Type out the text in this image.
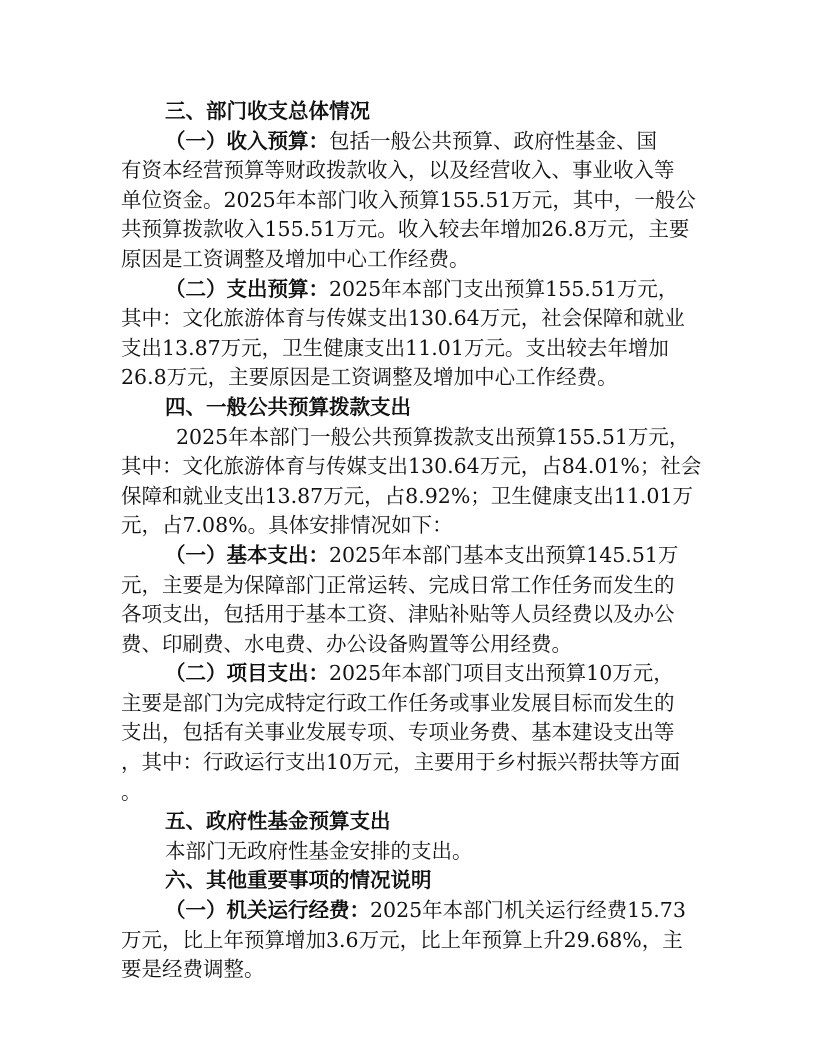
三、部门收支总体情况
（一）收入预算：包括一般公共预算、政府性基金、国
有资本经营预算等财政拨款收入，以及经营收入、事业收入等
单位资金。2025年本部门收入预算155.51万元，其中，一般公
共预算拨款收入155.51万元。收入较去年增加26.8万元，主要
原因是工资调整及增加中心工作经费。
（二）支出预算：2025年本部门支出预算155.51万元，
其中：文化旅游体育与传媒支出130.64万元，社会保障和就业
支出13.87万元，卫生健康支出11.01万元。支出较去年增加
26.8万元，主要原因是工资调整及增加中心工作经费。
四、一般公共预算拨款支出
2025年本部门一般公共预算拨款支出预算155.51万元，
其中：文化旅游体育与传媒支出130.64万元，占84.01%；社会
保障和就业支出13.87万元，占8.92%；卫生健康支出11.01万
元，占7.08%。具体安排情况如下：
（一）基本支出：2025年本部门基本支出预算145.51万
元，主要是为保障部门正常运转、完成日常工作任务而发生的
各项支出，包括用于基本工资、津贴补贴等人员经费以及办公
费、印刷费、水电费、办公设备购置等公用经费。
（二）项目支出：2025年本部门项目支出预算10万元，
主要是部门为完成特定行政工作任务或事业发展目标而发生的
支出，包括有关事业发展专项、专项业务费、基本建设支出等
，其中：行政运行支出10万元，主要用于乡村振兴帮扶等方面
。
五、政府性基金预算支出
本部门无政府性基金安排的支出。
六、其他重要事项的情况说明
（一）机关运行经费：2025年本部门机关运行经费15.73
万元，比上年预算增加3.6万元，比上年预算上升29.68%，主
要是经费调整。
